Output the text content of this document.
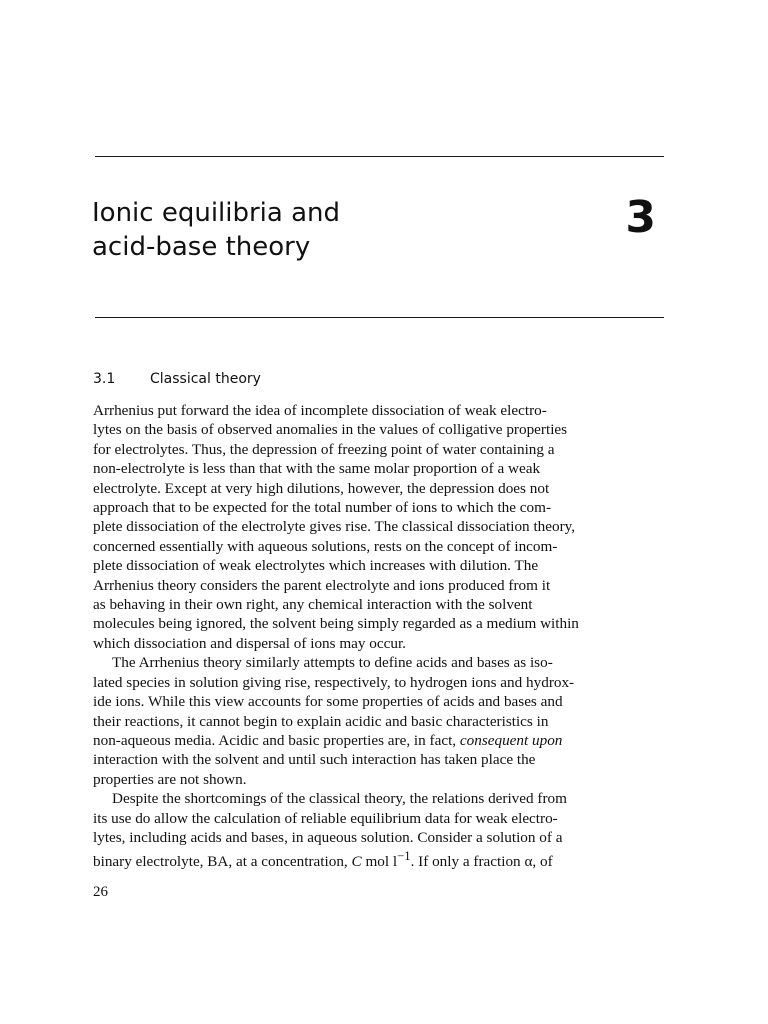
Ionic equilibria and
acid-base theory
3
3.1 Classical theory
Arrhenius put forward the idea of incomplete dissociation of weak electro-
lytes on the basis of observed anomalies in the values of colligative properties
for electrolytes. Thus, the depression of freezing point of water containing a
non-electrolyte is less than that with the same molar proportion of a weak
electrolyte. Except at very high dilutions, however, the depression does not
approach that to be expected for the total number of ions to which the com-
plete dissociation of the electrolyte gives rise. The classical dissociation theory,
concerned essentially with aqueous solutions, rests on the concept of incom-
plete dissociation of weak electrolytes which increases with dilution. The
Arrhenius theory considers the parent electrolyte and ions produced from it
as behaving in their own right, any chemical interaction with the solvent
molecules being ignored, the solvent being simply regarded as a medium within
which dissociation and dispersal of ions may occur.
The Arrhenius theory similarly attempts to define acids and bases as iso-
lated species in solution giving rise, respectively, to hydrogen ions and hydrox-
ide ions. While this view accounts for some properties of acids and bases and
their reactions, it cannot begin to explain acidic and basic characteristics in
non-aqueous media. Acidic and basic properties are, in fact, consequent upon
interaction with the solvent and until such interaction has taken place the
properties are not shown.
Despite the shortcomings of the classical theory, the relations derived from
its use do allow the calculation of reliable equilibrium data for weak electro-
lytes, including acids and bases, in aqueous solution. Consider a solution of a
binary electrolyte, BA, at a concentration, C mol $l^{-1}$. If only a fraction α, of
26
